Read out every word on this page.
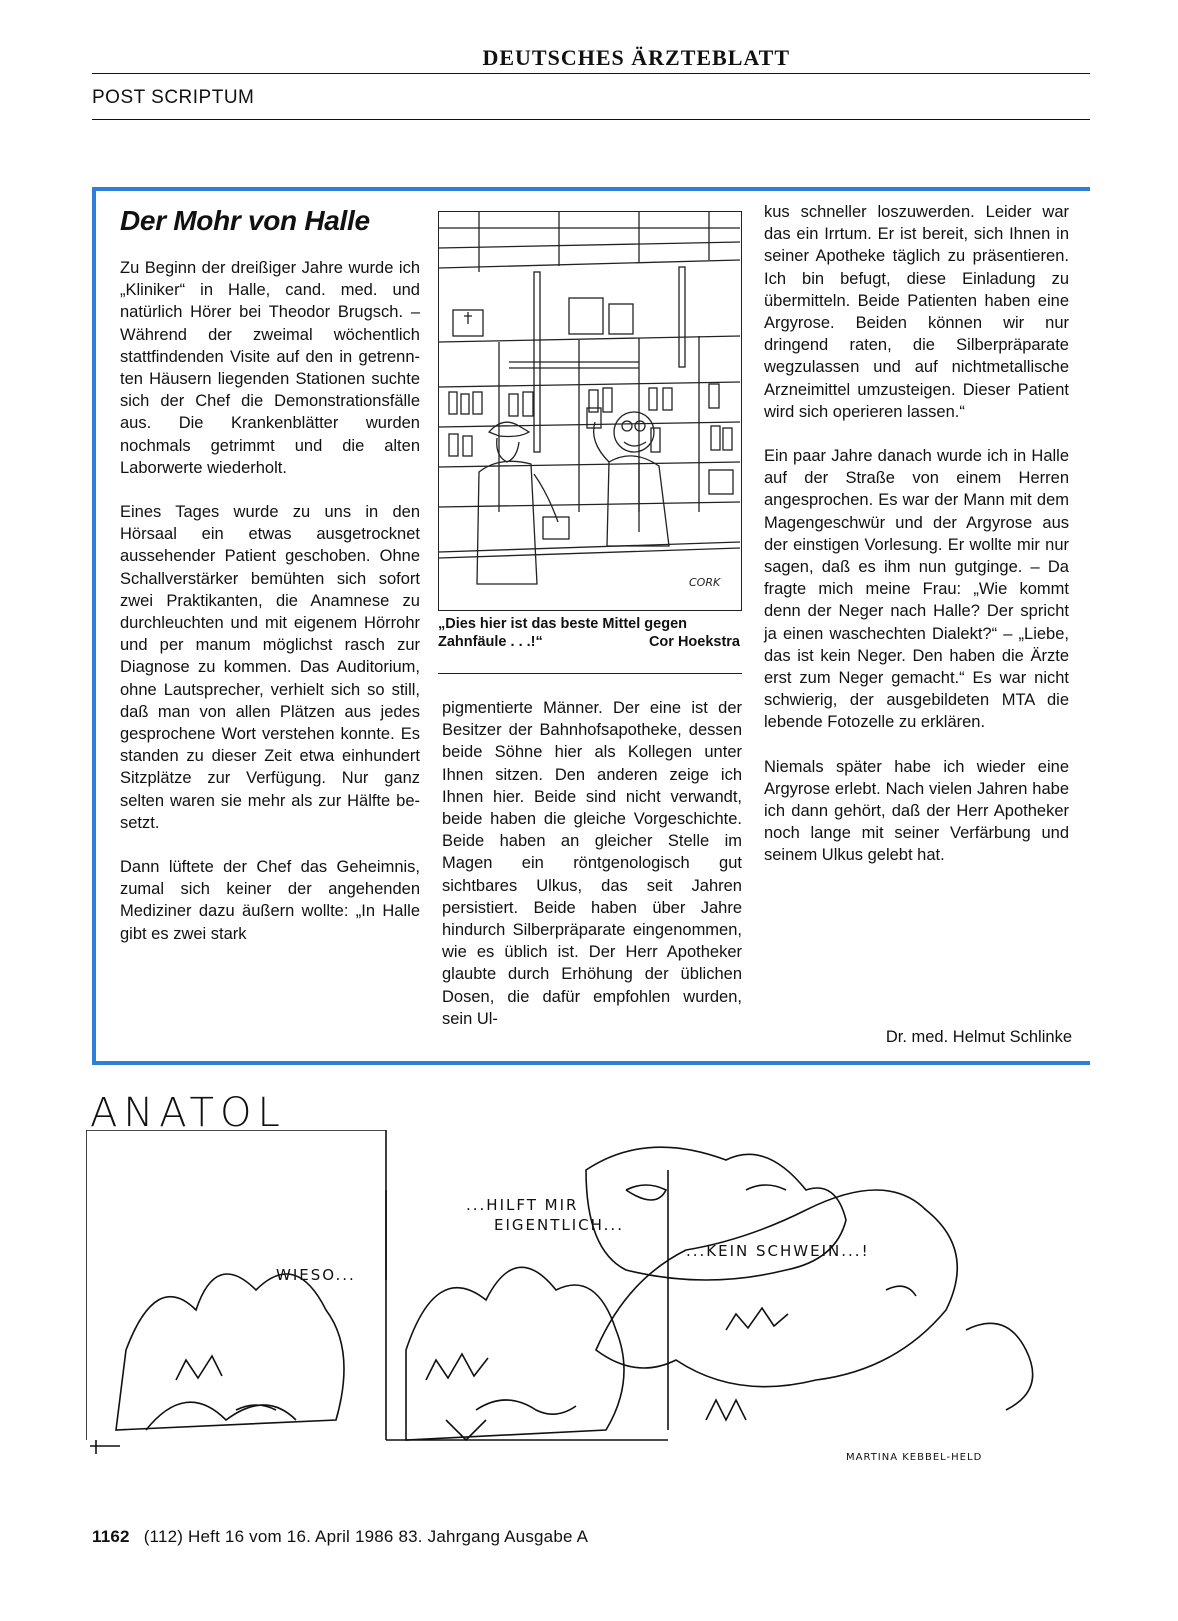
DEUTSCHES ÄRZTEBLATT
POST SCRIPTUM
Der Mohr von Halle

Zu Beginn der dreißiger Jahre wurde ich „Kliniker“ in Halle, cand. med. und natürlich Hörer bei Theodor Brugsch. – Während der zweimal wöchentlich stattfindenden Visite auf den in getrennten Häusern liegenden Stationen suchte sich der Chef die Demonstrationsfälle aus. Die Krankenblätter wurden nochmals getrimmt und die alten Laborwerte wiederholt.

Eines Tages wurde zu uns in den Hörsaal ein etwas ausgetrocknet aussehender Patient geschoben. Ohne Schallverstärker bemühten sich sofort zwei Praktikanten, die Anamnese zu durchleuchten und mit eigenem Hörrohr und per manum möglichst rasch zur Diagnose zu kommen. Das Auditorium, ohne Lautsprecher, verhielt sich so still, daß man von allen Plätzen aus jedes gesprochene Wort verstehen konnte. Es standen zu dieser Zeit etwa einhundert Sitzplätze zur Verfügung. Nur ganz selten waren sie mehr als zur Hälfte besetzt.

Dann lüftete der Chef das Geheimnis, zumal sich keiner der angehenden Mediziner dazu äußern wollte: „In Halle gibt es zwei stark

CORK
„Dies hier ist das beste Mittel gegen Zahnfäule . . .!“	Cor Hoekstra

pigmentierte Männer. Der eine ist der Besitzer der Bahnhofsapotheke, dessen beide Söhne hier als Kollegen unter Ihnen sitzen. Den anderen zeige ich Ihnen hier. Beide sind nicht verwandt, beide haben die gleiche Vorgeschichte. Beide haben an gleicher Stelle im Magen ein röntgenologisch gut sichtbares Ulkus, das seit Jahren persistiert. Beide haben über Jahre hindurch Silberpräparate eingenommen, wie es üblich ist. Der Herr Apotheker glaubte durch Erhöhung der üblichen Dosen, die dafür empfohlen wurden, sein Ul-

kus schneller loszuwerden. Leider war das ein Irrtum. Er ist bereit, sich Ihnen in seiner Apotheke täglich zu präsentieren. Ich bin befugt, diese Einladung zu übermitteln. Beide Patienten haben eine Argyrose. Beiden können wir nur dringend raten, die Silberpräparate wegzulassen und auf nichtmetallische Arzneimittel umzusteigen. Dieser Patient wird sich operieren lassen.“

Ein paar Jahre danach wurde ich in Halle auf der Straße von einem Herren angesprochen. Es war der Mann mit dem Magengeschwür und der Argyrose aus der einstigen Vorlesung. Er wollte mir nur sagen, daß es ihm nun gutginge. – Da fragte mich meine Frau: „Wie kommt denn der Neger nach Halle? Der spricht ja einen waschechten Dialekt?“ – „Liebe, das ist kein Neger. Den haben die Ärzte erst zum Neger gemacht.“ Es war nicht schwierig, der ausgebildeten MTA die lebende Fotozelle zu erklären.

Niemals später habe ich wieder eine Argyrose erlebt. Nach vielen Jahren habe ich dann gehört, daß der Herr Apotheker noch lange mit seiner Verfärbung und seinem Ulkus gelebt hat.

Dr. med. Helmut Schlinke
ANATOL
WIESO...
...HILFT MIR
EIGENTLICH...
...KEIN SCHWEIN...!
MARTINA KEBBEL-HELD
1162 (112) Heft 16 vom 16. April 1986 83. Jahrgang Ausgabe A
